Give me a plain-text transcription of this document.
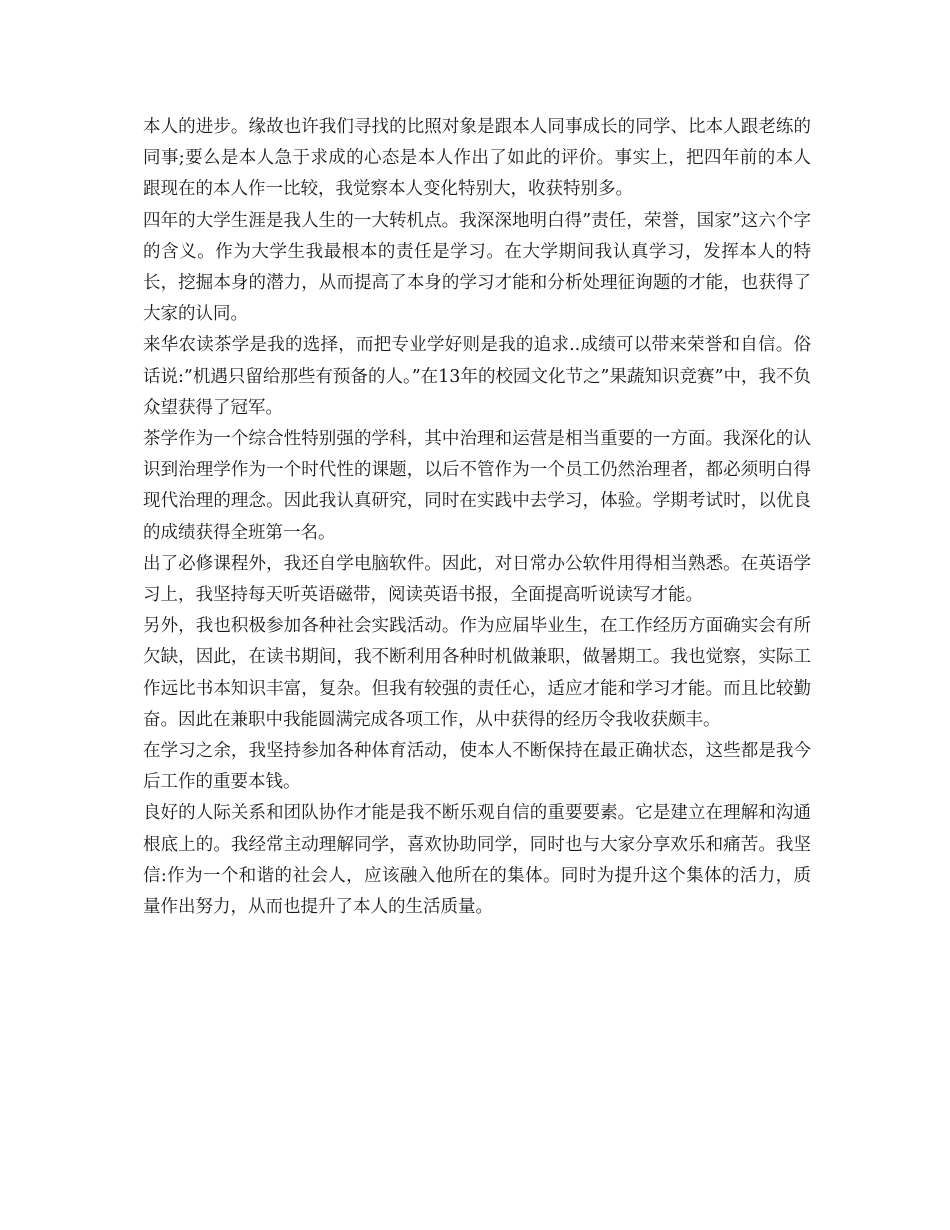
本人的进步。缘故也许我们寻找的比照对象是跟本人同事成长的同学、比本人跟老练的同事;要么是本人急于求成的心态是本人作出了如此的评价。事实上，把四年前的本人跟现在的本人作一比较，我觉察本人变化特别大，收获特别多。

四年的大学生涯是我人生的一大转机点。我深深地明白得”责任，荣誉，国家”这六个字的含义。作为大学生我最根本的责任是学习。在大学期间我认真学习，发挥本人的特长，挖掘本身的潜力，从而提高了本身的学习才能和分析处理征询题的才能，也获得了大家的认同。

来华农读茶学是我的选择，而把专业学好则是我的追求..成绩可以带来荣誉和自信。俗话说:”机遇只留给那些有预备的人。”在13年的校园文化节之”果蔬知识竞赛”中，我不负众望获得了冠军。

茶学作为一个综合性特别强的学科，其中治理和运营是相当重要的一方面。我深化的认识到治理学作为一个时代性的课题，以后不管作为一个员工仍然治理者，都必须明白得现代治理的理念。因此我认真研究，同时在实践中去学习，体验。学期考试时，以优良的成绩获得全班第一名。

出了必修课程外，我还自学电脑软件。因此，对日常办公软件用得相当熟悉。在英语学习上，我坚持每天听英语磁带，阅读英语书报，全面提高听说读写才能。

另外，我也积极参加各种社会实践活动。作为应届毕业生，在工作经历方面确实会有所欠缺，因此，在读书期间，我不断利用各种时机做兼职，做暑期工。我也觉察，实际工作远比书本知识丰富，复杂。但我有较强的责任心，适应才能和学习才能。而且比较勤奋。因此在兼职中我能圆满完成各项工作，从中获得的经历令我收获颇丰。

在学习之余，我坚持参加各种体育活动，使本人不断保持在最正确状态，这些都是我今后工作的重要本钱。

良好的人际关系和团队协作才能是我不断乐观自信的重要要素。它是建立在理解和沟通根底上的。我经常主动理解同学，喜欢协助同学，同时也与大家分享欢乐和痛苦。我坚信:作为一个和谐的社会人，应该融入他所在的集体。同时为提升这个集体的活力，质量作出努力，从而也提升了本人的生活质量。
